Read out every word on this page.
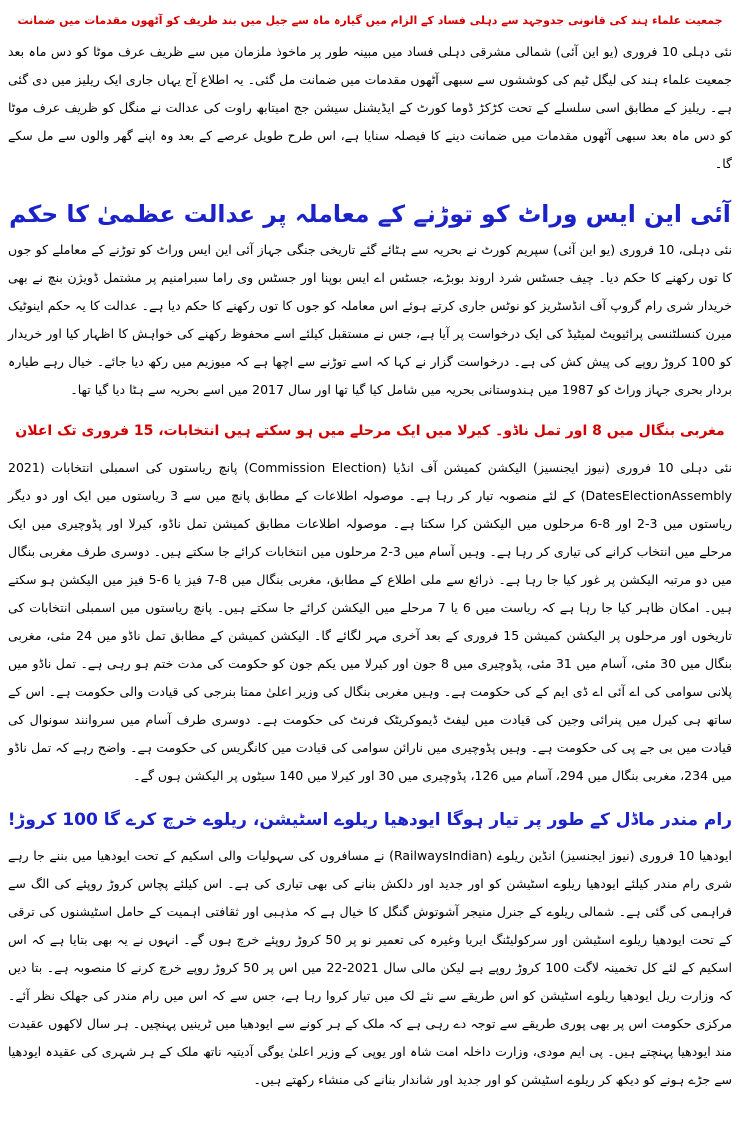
جمعیت علماء ہند کی قانونی جدوجہد سے دہلی فساد کے الزام میں گیارہ ماہ سے جیل میں بند ظریف کو آٹھوں مقدمات میں ضمانت

نئی دہلی 10 فروری (یو این آئی) شمالی مشرقی دہلی فساد میں مبینہ طور پر ماخوذ ملزمان میں سے ظریف عرف موٹا کو دس ماہ بعد جمعیت علماء ہند کی لیگل ٹیم کی کوششوں سے سبھی آٹھوں مقدمات میں ضمانت مل گئی۔ یہ اطلاع آج یہاں جاری ایک ریلیز میں دی گئی ہے۔ ریلیز کے مطابق اسی سلسلے کے تحت کڑکڑ ڈوما کورٹ کے ایڈیشنل سیشن جج امیتابھ راوت کی عدالت نے منگل کو ظریف عرف موٹا کو دس ماہ بعد سبھی آٹھوں مقدمات میں ضمانت دینے کا فیصلہ سنایا ہے، اس طرح طویل عرصے کے بعد وہ اپنے گھر والوں سے مل سکے گا۔

آئی این ایس وراٹ کو توڑنے کے معاملہ پر عدالت عظمیٰ کا حکم

نئی دہلی، 10 فروری (یو این آئی) سپریم کورٹ نے بحریہ سے ہٹائے گئے تاریخی جنگی جہاز آئی این ایس وراٹ کو توڑنے کے معاملے کو جوں کا توں رکھنے کا حکم دیا۔ چیف جسٹس شرد اروند بوبڑے، جسٹس اے ایس بوپنا اور جسٹس وی راما سبرامنیم پر مشتمل ڈویژن بنچ نے بھی خریدار شری رام گروپ آف انڈسٹریز کو نوٹس جاری کرتے ہوئے اس معاملہ کو جوں کا توں رکھنے کا حکم دیا ہے۔ عدالت کا یہ حکم اینوٹیک میرن کنسلٹنسی پرائیویٹ لمیٹیڈ کی ایک درخواست پر آیا ہے، جس نے مستقبل کیلئے اسے محفوظ رکھنے کی خواہش کا اظہار کیا اور خریدار کو 100 کروڑ روپے کی پیش کش کی ہے۔ درخواست گزار نے کہا کہ اسے توڑنے سے اچھا ہے کہ میوزیم میں رکھ دیا جائے۔ خیال رہے طیارہ بردار بحری جہاز وراٹ کو 1987 میں ہندوستانی بحریہ میں شامل کیا گیا تھا اور سال 2017 میں اسے بحریہ سے ہٹا دیا گیا تھا۔

مغربی بنگال میں 8 اور تمل ناڈو۔ کیرلا میں ایک مرحلے میں ہو سکتے ہیں انتخابات، 15 فروری تک اعلان

نئی دہلی 10 فروری (نیوز ایجنسیز) الیکشن کمیشن آف انڈیا (Commission Election) پانچ ریاستوں کی اسمبلی انتخابات (2021 DatesElectionAssembly) کے لئے منصوبہ تیار کر رہا ہے۔ موصولہ اطلاعات کے مطابق پانچ میں سے 3 ریاستوں میں ایک اور دو دیگر ریاستوں میں 3-2 اور 8-6 مرحلوں میں الیکشن کرا سکتا ہے۔ موصولہ اطلاعات مطابق کمیشن تمل ناڈو، کیرلا اور پڈوچیری میں ایک مرحلے میں انتخاب کرانے کی تیاری کر رہا ہے۔ وہیں آسام میں 3-2 مرحلوں میں انتخابات کرائے جا سکتے ہیں۔ دوسری طرف مغربی بنگال میں دو مرتبہ الیکشن پر غور کیا جا رہا ہے۔ ذرائع سے ملی اطلاع کے مطابق، مغربی بنگال میں 8-7 فیز یا 6-5 فیز میں الیکشن ہو سکتے ہیں۔ امکان ظاہر کیا جا رہا ہے کہ ریاست میں 6 یا 7 مرحلے میں الیکشن کرائے جا سکتے ہیں۔ پانچ ریاستوں میں اسمبلی انتخابات کی تاریخوں اور مرحلوں پر الیکشن کمیشن 15 فروری کے بعد آخری مہر لگائے گا۔ الیکشن کمیشن کے مطابق تمل ناڈو میں 24 مئی، مغربی بنگال میں 30 مئی، آسام میں 31 مئی، پڈوچیری میں 8 جون اور کیرلا میں یکم جون کو حکومت کی مدت ختم ہو رہی ہے۔ تمل ناڈو میں پلانی سوامی کی اے آئی اے ڈی ایم کے کی حکومت ہے۔ وہیں مغربی بنگال کی وزیر اعلیٰ ممتا بنرجی کی قیادت والی حکومت ہے۔ اس کے ساتھ ہی کیرل میں پنرائی وجین کی قیادت میں لیفٹ ڈیموکریٹک فرنٹ کی حکومت ہے۔ دوسری طرف آسام میں سروانند سونوال کی قیادت میں بی جے پی کی حکومت ہے۔ وہیں پڈوچیری میں نارائن سوامی کی قیادت میں کانگریس کی حکومت ہے۔ واضح رہے کہ تمل ناڈو میں 234، مغربی بنگال میں 294، آسام میں 126، پڈوچیری میں 30 اور کیرلا میں 140 سیٹوں پر الیکشن ہوں گے۔

رام مندر ماڈل کے طور پر تیار ہوگا ایودھیا ریلوے اسٹیشن، ریلوے خرچ کرے گا 100 کروڑ!

ایودھیا 10 فروری (نیوز ایجنسیز) انڈین ریلوے (RailwaysIndian) نے مسافروں کی سہولیات والی اسکیم کے تحت ایودھیا میں بننے جا رہے شری رام مندر کیلئے ایودھیا ریلوے اسٹیشن کو اور جدید اور دلکش بنانے کی بھی تیاری کی ہے۔ اس کیلئے پچاس کروڑ روپئے کی الگ سے فراہمی کی گئی ہے۔ شمالی ریلوے کے جنرل منیجر آشوتوش گنگل کا خیال ہے کہ مذہبی اور ثقافتی اہمیت کے حامل اسٹیشنوں کی ترقی کے تحت ایودھیا ریلوے اسٹیشن اور سرکولیٹنگ ایریا وغیرہ کی تعمیر نو پر 50 کروڑ روپئے خرچ ہوں گے۔ انہوں نے یہ بھی بتایا ہے کہ اس اسکیم کے لئے کل تخمینہ لاگت 100 کروڑ روپے ہے لیکن مالی سال 2021-22 میں اس پر 50 کروڑ روپے خرچ کرنے کا منصوبہ ہے۔ بتا دیں کہ وزارت ریل ایودھیا ریلوے اسٹیشن کو اس طریقے سے نئے لک میں تیار کروا رہا ہے، جس سے کہ اس میں رام مندر کی جھلک نظر آئے۔ مرکزی حکومت اس پر بھی پوری طریقے سے توجہ دے رہی ہے کہ ملک کے ہر کونے سے ایودھیا میں ٹرینیں پہنچیں۔ ہر سال لاکھوں عقیدت مند ایودھیا پہنچتے ہیں۔ پی ایم مودی، وزارت داخلہ امت شاہ اور یوپی کے وزیر اعلیٰ یوگی آدیتیہ ناتھ ملک کے ہر شہری کی عقیدہ ایودھیا سے جڑے ہونے کو دیکھ کر ریلوے اسٹیشن کو اور جدید اور شاندار بنانے کی منشاء رکھتے ہیں۔
